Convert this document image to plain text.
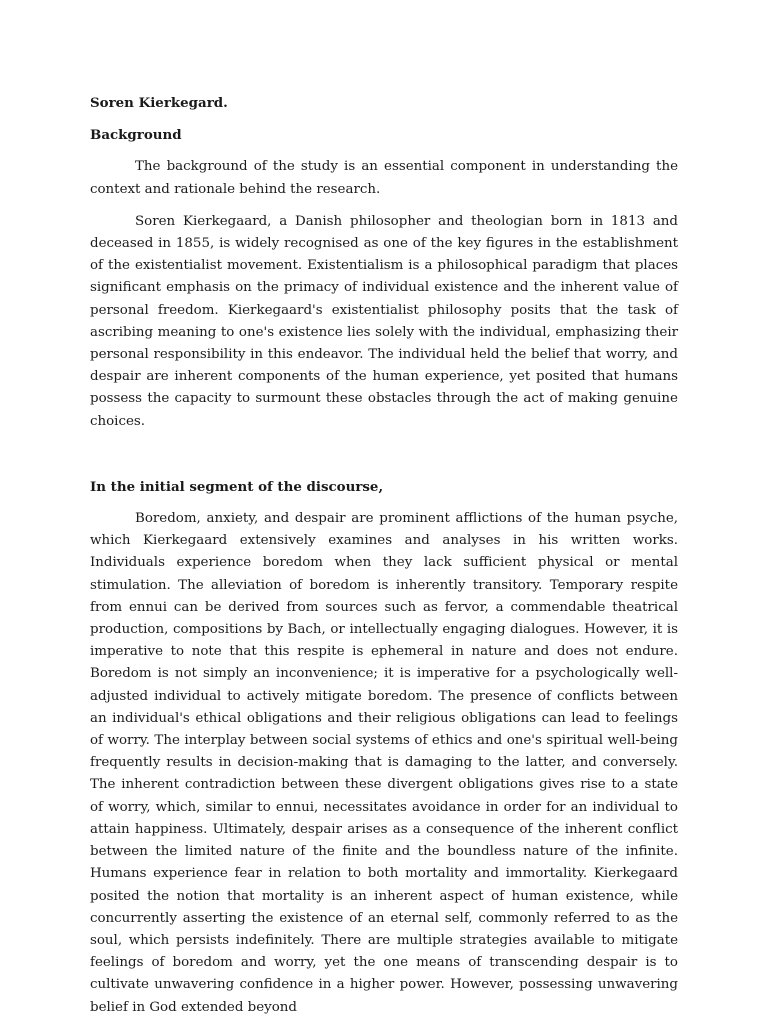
Soren Kierkegard.

Background

The background of the study is an essential component in understanding the context and rationale behind the research.

Soren Kierkegaard, a Danish philosopher and theologian born in 1813 and deceased in 1855, is widely recognised as one of the key figures in the establishment of the existentialist movement. Existentialism is a philosophical paradigm that places significant emphasis on the primacy of individual existence and the inherent value of personal freedom. Kierkegaard's existentialist philosophy posits that the task of ascribing meaning to one's existence lies solely with the individual, emphasizing their personal responsibility in this endeavor. The individual held the belief that worry, and despair are inherent components of the human experience, yet posited that humans possess the capacity to surmount these obstacles through the act of making genuine choices.

In the initial segment of the discourse,

Boredom, anxiety, and despair are prominent afflictions of the human psyche, which Kierkegaard extensively examines and analyses in his written works. Individuals experience boredom when they lack sufficient physical or mental stimulation. The alleviation of boredom is inherently transitory. Temporary respite from ennui can be derived from sources such as fervor, a commendable theatrical production, compositions by Bach, or intellectually engaging dialogues. However, it is imperative to note that this respite is ephemeral in nature and does not endure. Boredom is not simply an inconvenience; it is imperative for a psychologically well-adjusted individual to actively mitigate boredom. The presence of conflicts between an individual's ethical obligations and their religious obligations can lead to feelings of worry. The interplay between social systems of ethics and one's spiritual well-being frequently results in decision-making that is damaging to the latter, and conversely. The inherent contradiction between these divergent obligations gives rise to a state of worry, which, similar to ennui, necessitates avoidance in order for an individual to attain happiness. Ultimately, despair arises as a consequence of the inherent conflict between the limited nature of the finite and the boundless nature of the infinite. Humans experience fear in relation to both mortality and immortality. Kierkegaard posited the notion that mortality is an inherent aspect of human existence, while concurrently asserting the existence of an eternal self, commonly referred to as the soul, which persists indefinitely. There are multiple strategies available to mitigate feelings of boredom and worry, yet the one means of transcending despair is to cultivate unwavering confidence in a higher power. However, possessing unwavering belief in God extended beyond
